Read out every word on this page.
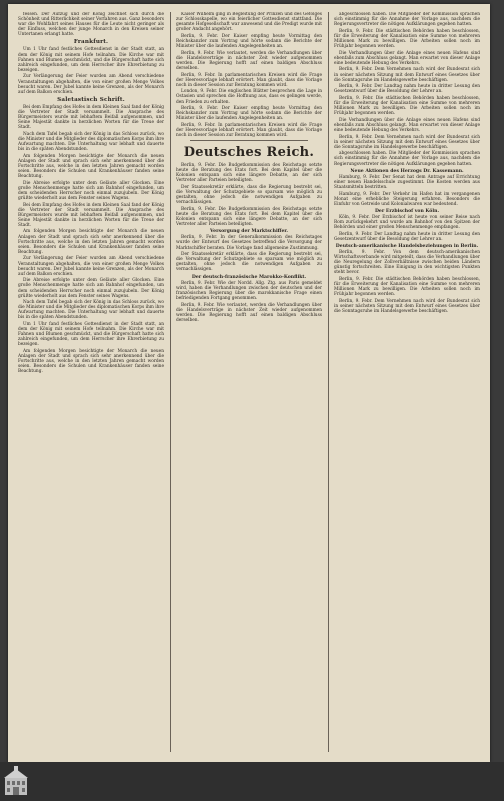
fessen. Der Aufzug und der König zeichnet sich durch die Schönheit und Ritterlichkeit seiner Vorfahren aus. Ganz besonders war die Wohlfahrt seines Hauses für die Leute nicht geringer als der Einfluss, welchen der junge Monarch in den Kreisen seiner Untertanen erlangt hatte.

Frankfurt.

Um 1 Uhr fand festliches Gottesdienst in der Stadt statt, an dem der König mit seinem Hofe teilnahm. Die Kirche war mit Fahnen und Blumen geschmückt, und die Bürgerschaft hatte sich zahlreich eingefunden, um dem Herrscher ihre Ehrerbietung zu bezeigen.

Zur Verlängerung der Feier wurden am Abend verschiedene Veranstaltungen abgehalten, die von einer großen Menge Volkes besucht waren. Der Jubel kannte keine Grenzen, als der Monarch auf dem Balkon erschien.

Saletastisch Schrift.

Bei dem Empfang des Hofes in dem Kleinen Saal fand der König die Vertreter der Stadt versammelt. Die Ansprache des Bürgermeisters wurde mit lebhaftem Beifall aufgenommen, und Seine Majestät dankte in herzlichen Worten für die Treue der Stadt.

Nach dem Tafel begab sich der König in das Schloss zurück, wo die Minister und die Mitglieder des diplomatischen Korps ihm ihre Aufwartung machten. Die Unterhaltung war lebhaft und dauerte bis in die späten Abendstunden.

Am folgenden Morgen besichtigte der Monarch die neuen Anlagen der Stadt und sprach sich sehr anerkennend über die Fortschritte aus, welche in den letzten Jahren gemacht worden seien. Besonders die Schulen und Krankenhäuser fanden seine Beachtung.

Die Abreise erfolgte unter dem Geläute aller Glocken. Eine große Menschenmenge hatte sich am Bahnhof eingefunden, um dem scheidenden Herrscher noch einmal zuzujubeln. Der König grüßte wiederholt aus dem Fenster seines Wagens.

Bei dem Empfang des Hofes in dem Kleinen Saal fand der König die Vertreter der Stadt versammelt. Die Ansprache des Bürgermeisters wurde mit lebhaftem Beifall aufgenommen, und Seine Majestät dankte in herzlichen Worten für die Treue der Stadt.

Am folgenden Morgen besichtigte der Monarch die neuen Anlagen der Stadt und sprach sich sehr anerkennend über die Fortschritte aus, welche in den letzten Jahren gemacht worden seien. Besonders die Schulen und Krankenhäuser fanden seine Beachtung.

Zur Verlängerung der Feier wurden am Abend verschiedene Veranstaltungen abgehalten, die von einer großen Menge Volkes besucht waren. Der Jubel kannte keine Grenzen, als der Monarch auf dem Balkon erschien.

Die Abreise erfolgte unter dem Geläute aller Glocken. Eine große Menschenmenge hatte sich am Bahnhof eingefunden, um dem scheidenden Herrscher noch einmal zuzujubeln. Der König grüßte wiederholt aus dem Fenster seines Wagens.

Nach dem Tafel begab sich der König in das Schloss zurück, wo die Minister und die Mitglieder des diplomatischen Korps ihm ihre Aufwartung machten. Die Unterhaltung war lebhaft und dauerte bis in die späten Abendstunden.

Um 1 Uhr fand festliches Gottesdienst in der Stadt statt, an dem der König mit seinem Hofe teilnahm. Die Kirche war mit Fahnen und Blumen geschmückt, und die Bürgerschaft hatte sich zahlreich eingefunden, um dem Herrscher ihre Ehrerbietung zu bezeigen.

Am folgenden Morgen besichtigte der Monarch die neuen Anlagen der Stadt und sprach sich sehr anerkennend über die Fortschritte aus, welche in den letzten Jahren gemacht worden seien. Besonders die Schulen und Krankenhäuser fanden seine Beachtung.

Kaiser Wilhelm ging in Begleitung der Prinzen und des Gefolges zur Schlosskapelle, wo ein feierlicher Gottesdienst stattfand. Die gesamte Hofgesellschaft war anwesend und die Predigt wurde mit großer Andacht angehört.

Berlin, 9. Febr. Der Kaiser empfing heute Vormittag den Reichskanzler zum Vortrag und hörte sodann die Berichte der Minister über die laufenden Angelegenheiten an.

Berlin, 9. Febr. Wie verlautet, werden die Verhandlungen über die Handelsverträge in nächster Zeit wieder aufgenommen werden. Die Regierung hofft auf einen baldigen Abschluss derselben.

Berlin, 9. Febr. In parlamentarischen Kreisen wird die Frage der Heeresvorlage lebhaft erörtert. Man glaubt, dass die Vorlage noch in dieser Session zur Beratung kommen wird.

London, 9. Febr. Die englischen Blätter besprechen die Lage in Ostasien und sprechen die Hoffnung aus, dass es gelingen werde, den Frieden zu erhalten.

Berlin, 9. Febr. Der Kaiser empfing heute Vormittag den Reichskanzler zum Vortrag und hörte sodann die Berichte der Minister über die laufenden Angelegenheiten an.

Berlin, 9. Febr. In parlamentarischen Kreisen wird die Frage der Heeresvorlage lebhaft erörtert. Man glaubt, dass die Vorlage noch in dieser Session zur Beratung kommen wird.

Deutsches Reich.

Berlin, 9. Febr. Die Budgetkommission des Reichstags setzte heute die Beratung des Etats fort. Bei dem Kapitel über die Kolonien entspann sich eine längere Debatte, an der sich Vertreter aller Parteien beteiligten.

Der Staatssekretär erklärte, dass die Regierung bestrebt sei, die Verwaltung der Schutzgebiete so sparsam wie möglich zu gestalten, ohne jedoch die notwendigen Aufgaben zu vernachlässigen.

Berlin, 9. Febr. Die Budgetkommission des Reichstags setzte heute die Beratung des Etats fort. Bei dem Kapitel über die Kolonien entspann sich eine längere Debatte, an der sich Vertreter aller Parteien beteiligten.

Versorgung der Marktschiffer.

Berlin, 9. Febr. In der Generalkommission des Reichstages wurde der Entwurf des Gesetzes betreffend die Versorgung der Marktschiffer beraten. Die Vorlage fand allgemeine Zustimmung.

Der Staatssekretär erklärte, dass die Regierung bestrebt sei, die Verwaltung der Schutzgebiete so sparsam wie möglich zu gestalten, ohne jedoch die notwendigen Aufgaben zu vernachlässigen.

Der deutsch-französische Marokko-Konflikt.

Berlin, 9. Febr. Wie der Nordd. Allg. Ztg. aus Paris gemeldet wird, haben die Verhandlungen zwischen der deutschen und der französischen Regierung über die marokkanische Frage einen befriedigenden Fortgang genommen.

Berlin, 9. Febr. Wie verlautet, werden die Verhandlungen über die Handelsverträge in nächster Zeit wieder aufgenommen werden. Die Regierung hofft auf einen baldigen Abschluss derselben.

abgeschlossen haben. Die Mitglieder der Kommission sprachen sich einstimmig für die Annahme der Vorlage aus, nachdem die Regierungsvertreter die nötigen Aufklärungen gegeben hatten.

Berlin, 9. Febr. Die städtischen Behörden haben beschlossen, für die Erweiterung der Kanalisation eine Summe von mehreren Millionen Mark zu bewilligen. Die Arbeiten sollen noch im Frühjahr begonnen werden.

Die Verhandlungen über die Anlage eines neuen Hafens sind ebenfalls zum Abschluss gelangt. Man erwartet von dieser Anlage eine bedeutende Hebung des Verkehrs.

Berlin, 9. Febr. Dem Vernehmen nach wird der Bundesrat sich in seiner nächsten Sitzung mit dem Entwurf eines Gesetzes über die Sonntagsruhe im Handelsgewerbe beschäftigen.

Berlin, 9. Febr. Der Landtag nahm heute in dritter Lesung den Gesetzentwurf über die Besoldung der Lehrer an.

Berlin, 9. Febr. Die städtischen Behörden haben beschlossen, für die Erweiterung der Kanalisation eine Summe von mehreren Millionen Mark zu bewilligen. Die Arbeiten sollen noch im Frühjahr begonnen werden.

Die Verhandlungen über die Anlage eines neuen Hafens sind ebenfalls zum Abschluss gelangt. Man erwartet von dieser Anlage eine bedeutende Hebung des Verkehrs.

Berlin, 9. Febr. Dem Vernehmen nach wird der Bundesrat sich in seiner nächsten Sitzung mit dem Entwurf eines Gesetzes über die Sonntagsruhe im Handelsgewerbe beschäftigen.

abgeschlossen haben. Die Mitglieder der Kommission sprachen sich einstimmig für die Annahme der Vorlage aus, nachdem die Regierungsvertreter die nötigen Aufklärungen gegeben hatten.

Neue Aktionen des Herzogs Dr. Kassemann.

Hamburg, 9. Febr. Der Senat hat dem Antrage auf Errichtung einer neuen Handelsschule zugestimmt. Die Kosten werden aus Staatsmitteln bestritten.

Hamburg, 9. Febr. Der Verkehr im Hafen hat im vergangenen Monat eine erhebliche Steigerung erfahren. Besonders die Einfuhr von Getreide und Kolonialwaren war bedeutend.

Der Erzbischof von Köln.

Köln, 9. Febr. Der Erzbischof ist heute von seiner Reise nach Rom zurückgekehrt und wurde am Bahnhof von den Spitzen der Behörden und einer großen Menschenmenge empfangen.

Berlin, 9. Febr. Der Landtag nahm heute in dritter Lesung den Gesetzentwurf über die Besoldung der Lehrer an.

Deutsch-amerikanische Handelsbeziehungen in Berlin.

Berlin, 9. Febr. Von dem deutsch-amerikanischen Wirtschaftsverbande wird mitgeteilt, dass die Verhandlungen über die Neuregelung der Zollverhältnisse zwischen beiden Ländern günstig fortschreiten. Eine Einigung in den wichtigsten Punkten steht bevor.

Berlin, 9. Febr. Die städtischen Behörden haben beschlossen, für die Erweiterung der Kanalisation eine Summe von mehreren Millionen Mark zu bewilligen. Die Arbeiten sollen noch im Frühjahr begonnen werden.

Berlin, 9. Febr. Dem Vernehmen nach wird der Bundesrat sich in seiner nächsten Sitzung mit dem Entwurf eines Gesetzes über die Sonntagsruhe im Handelsgewerbe beschäftigen.
